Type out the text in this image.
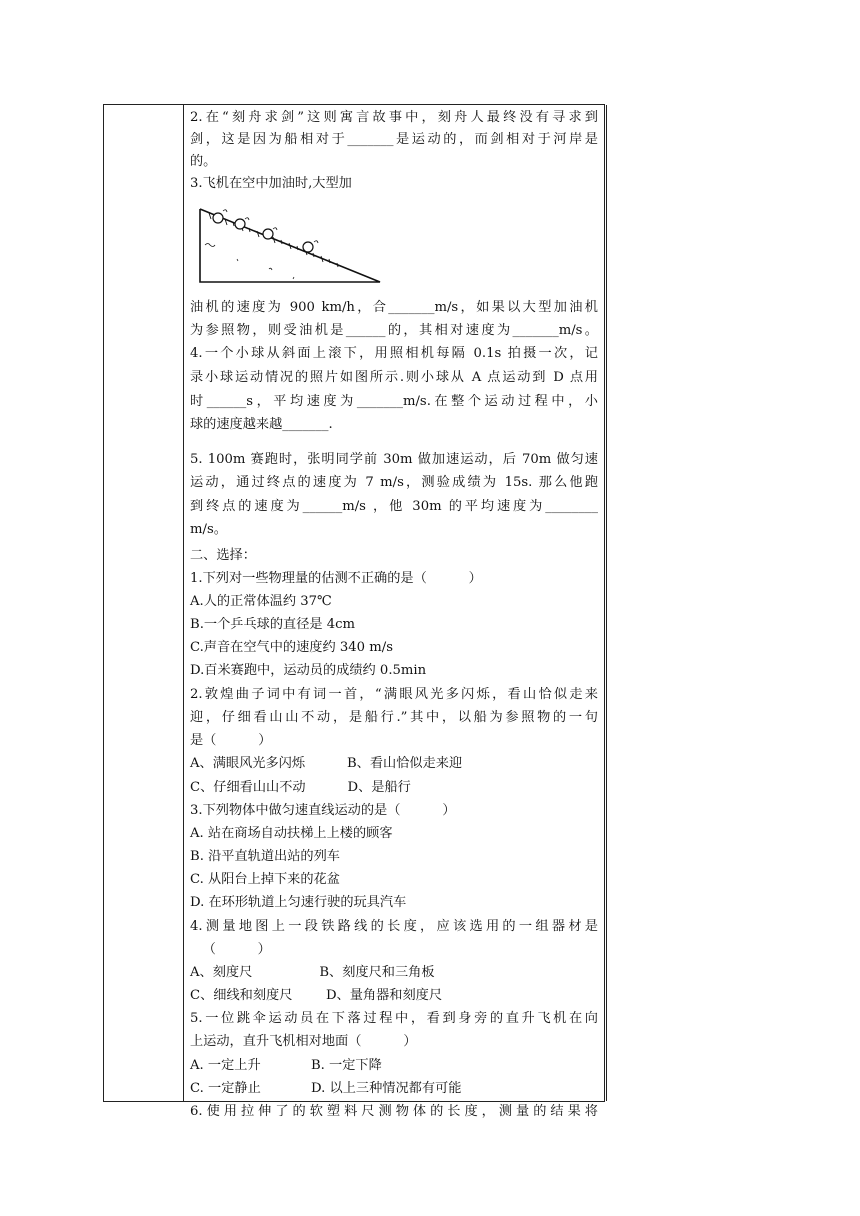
2.在“刻舟求剑”这则寓言故事中，刻舟人最终没有寻求到
剑，这是因为船相对于_______是运动的，而剑相对于河岸是
的。
3.飞机在空中加油时,大型加
油机的速度为 900 km/h，合_______m/s，如果以大型加油机
为参照物，则受油机是______的，其相对速度为_______m/s。
4.一个小球从斜面上滚下，用照相机每隔 0.1s 拍摄一次，记
录小球运动情况的照片如图所示.则小球从 A 点运动到 D 点用
时______s，平均速度为_______m/s.在整个运动过程中，小
球的速度越来越_______.
5. 100m 赛跑时，张明同学前 30m 做加速运动，后 70m 做匀速
运动，通过终点的速度为 7 m/s，测验成绩为 15s. 那么他跑
到终点的速度为______m/s ，他 30m 的平均速度为________
m/s。
二、选择：
1.下列对一些物理量的估测不正确的是（          ）
A.人的正常体温约 37℃
B.一个乒乓球的直径是 4cm
C.声音在空气中的速度约 340 m/s
D.百米赛跑中，运动员的成绩约 0.5min
2.敦煌曲子词中有词一首，“满眼风光多闪烁，看山恰似走来
迎，仔细看山山不动，是船行.”其中，以船为参照物的一句
是（          ）
A、满眼风光多闪烁          B、看山恰似走来迎
C、仔细看山山不动          D、是船行
3.下列物体中做匀速直线运动的是（          ）
A. 站在商场自动扶梯上上楼的顾客
B. 沿平直轨道出站的列车
C. 从阳台上掉下来的花盆
D. 在环形轨道上匀速行驶的玩具汽车
4.测量地图上一段铁路线的长度，应该选用的一组器材是
（          ）
A、刻度尺                B、刻度尺和三角板
C、细线和刻度尺        D、量角器和刻度尺
5.一位跳伞运动员在下落过程中，看到身旁的直升飞机在向
上运动，直升飞机相对地面（          ）
A. 一定上升            B. 一定下降
C. 一定静止            D. 以上三种情况都有可能
6.使用拉伸了的软塑料尺测物体的长度，测量的结果将
